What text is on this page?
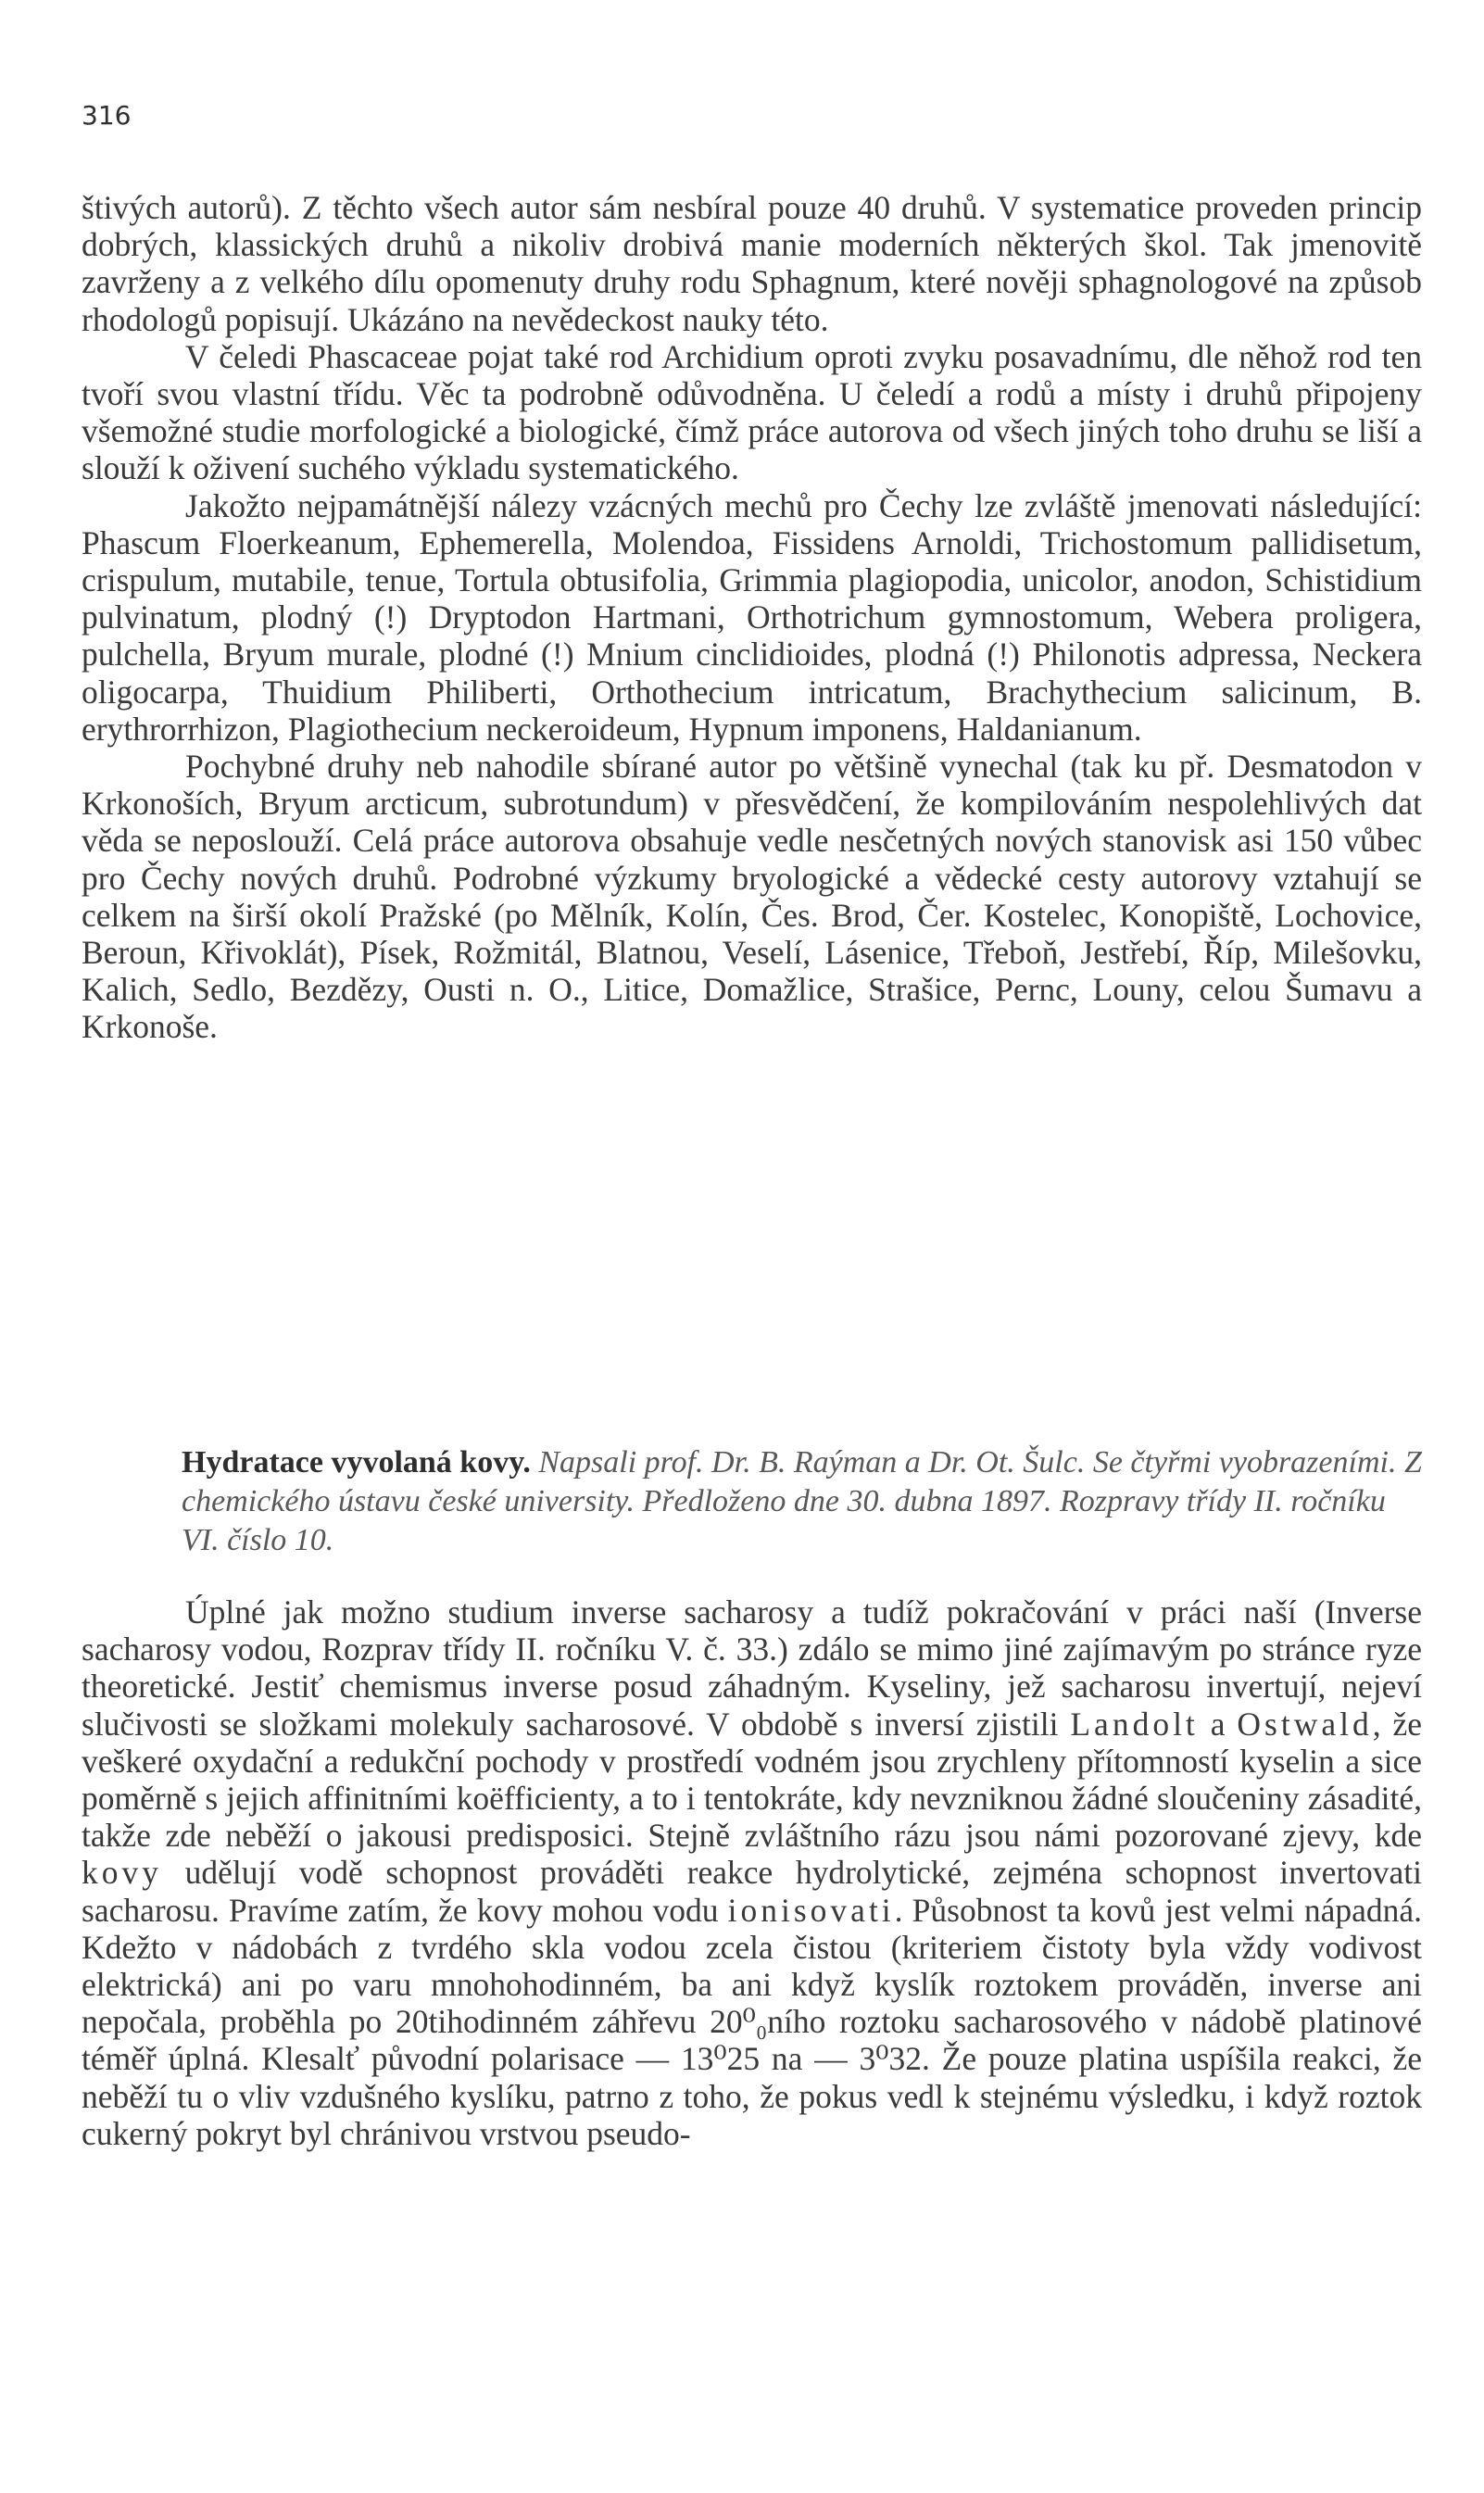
316

štivých autorů). Z těchto všech autor sám nesbíral pouze 40 druhů. V systematice proveden princip dobrých, klassických druhů a nikoliv drobivá manie moderních některých škol. Tak jmenovitě zavrženy a z velkého dílu opomenuty druhy rodu Sphagnum, které nověji sphagnologové na způsob rhodologů popisují. Ukázáno na nevědeckost nauky této.

V čeledi Phascaceae pojat také rod Archidium oproti zvyku posavadnímu, dle něhož rod ten tvoří svou vlastní třídu. Věc ta podrobně odůvodněna. U čeledí a rodů a místy i druhů připojeny všemožné studie morfologické a biologické, čímž práce autorova od všech jiných toho druhu se liší a slouží k oživení suchého výkladu systematického.

Jakožto nejpamátnější nálezy vzácných mechů pro Čechy lze zvláště jmenovati následující: Phascum Floerkeanum, Ephemerella, Molendoa, Fissidens Arnoldi, Trichostomum pallidisetum, crispulum, mutabile, tenue, Tortula obtusifolia, Grimmia plagiopodia, unicolor, anodon, Schistidium pulvinatum, plodný (!) Dryptodon Hartmani, Orthotrichum gymnostomum, Webera proligera, pulchella, Bryum murale, plodné (!) Mnium cinclidioides, plodná (!) Philonotis adpressa, Neckera oligocarpa, Thuidium Philiberti, Orthothecium intricatum, Brachythecium salicinum, B. erythrorrhizon, Plagiothecium neckeroideum, Hypnum imponens, Haldanianum.

Pochybné druhy neb nahodile sbírané autor po většině vynechal (tak ku př. Desmatodon v Krkonoších, Bryum arcticum, subrotundum) v přesvědčení, že kompilováním nespolehlivých dat věda se neposlouží. Celá práce autorova obsahuje vedle nesčetných nových stanovisk asi 150 vůbec pro Čechy nových druhů. Podrobné výzkumy bryologické a vědecké cesty autorovy vztahují se celkem na širší okolí Pražské (po Mělník, Kolín, Čes. Brod, Čer. Kostelec, Konopiště, Lochovice, Beroun, Křivoklát), Písek, Rožmitál, Blatnou, Veselí, Lásenice, Třeboň, Jestřebí, Říp, Milešovku, Kalich, Sedlo, Bezdězy, Ousti n. O., Litice, Domažlice, Strašice, Pernc, Louny, celou Šumavu a Krkonoše.

Hydratace vyvolaná kovy. Napsali prof. Dr. B. Raýman a Dr. Ot. Šulc. Se čtyřmi vyobrazeními. Z chemického ústavu české university. Předloženo dne 30. dubna 1897. Rozpravy třídy II. ročníku VI. číslo 10.

Úplné jak možno studium inverse sacharosy a tudíž pokračování v práci naší (Inverse sacharosy vodou, Rozprav třídy II. ročníku V. č. 33.) zdálo se mimo jiné zajímavým po stránce ryze theoretické. Jestiť chemismus inverse posud záhadným. Kyseliny, jež sacharosu invertují, nejeví slučivosti se složkami molekuly sacharosové. V obdobě s inversí zjistili Landolt a Ostwald, že veškeré oxydační a redukční pochody v prostředí vodném jsou zrychleny přítomností kyselin a sice poměrně s jejich affinitními koëfficienty, a to i tentokráte, kdy nevzniknou žádné sloučeniny zásadité, takže zde neběží o jakousi predisposici. Stejně zvláštního rázu jsou námi pozorované zjevy, kde kovy udělují vodě schopnost prováděti reakce hydrolytické, zejména schopnost invertovati sacharosu. Pravíme zatím, že kovy mohou vodu ionisovati. Působnost ta kovů jest velmi nápadná. Kdežto v nádobách z tvrdého skla vodou zcela čistou (kriteriem čistoty byla vždy vodivost elektrická) ani po varu mnohohodinném, ba ani když kyslík roztokem prováděn, inverse ani nepočala, proběhla po 20tihodinném záhřevu 20⁰₀ního roztoku sacharosového v nádobě platinové téměř úplná. Klesalť původní polarisace — 13⁰25 na — 3⁰32. Že pouze platina uspíšila reakci, že neběží tu o vliv vzdušného kyslíku, patrno z toho, že pokus vedl k stejnému výsledku, i když roztok cukerný pokryt byl chránivou vrstvou pseudo-
